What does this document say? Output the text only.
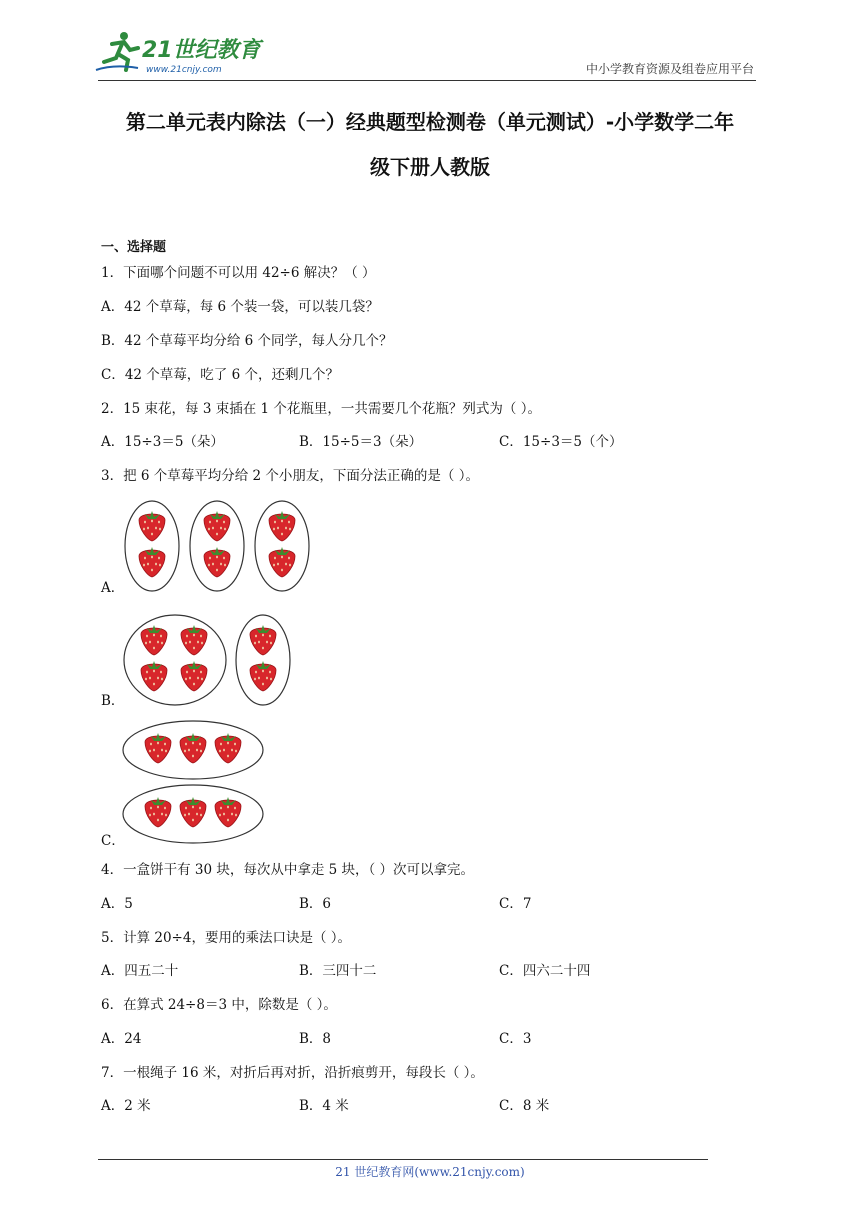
21世纪教育
www.21cnjy.com	中小学教育资源及组卷应用平台
第二单元表内除法（一）经典题型检测卷（单元测试）-小学数学二年
级下册人教版
一、选择题
1．下面哪个问题不可以用 42÷6 解决？（ ）
A．42 个草莓，每 6 个装一袋，可以装几袋？
B．42 个草莓平均分给 6 个同学，每人分几个？
C．42 个草莓，吃了 6 个，还剩几个？
2．15 束花，每 3 束插在 1 个花瓶里，一共需要几个花瓶？列式为（ ）。
A．15÷3＝5（朵）	B．15÷5＝3（朵）	C．15÷3＝5（个）
3．把 6 个草莓平均分给 2 个小朋友，下面分法正确的是（ ）。
A．
B．
C．
4．一盒饼干有 30 块，每次从中拿走 5 块，（ ）次可以拿完。
A．5	B．6	C．7
5．计算 20÷4，要用的乘法口诀是（ ）。
A．四五二十	B．三四十二	C．四六二十四
6．在算式 24÷8＝3 中，除数是（ ）。
A．24	B．8	C．3
7．一根绳子 16 米，对折后再对折，沿折痕剪开，每段长（ ）。
A．2 米	B．4 米	C．8 米
21 世纪教育网(www.21cnjy.com)
